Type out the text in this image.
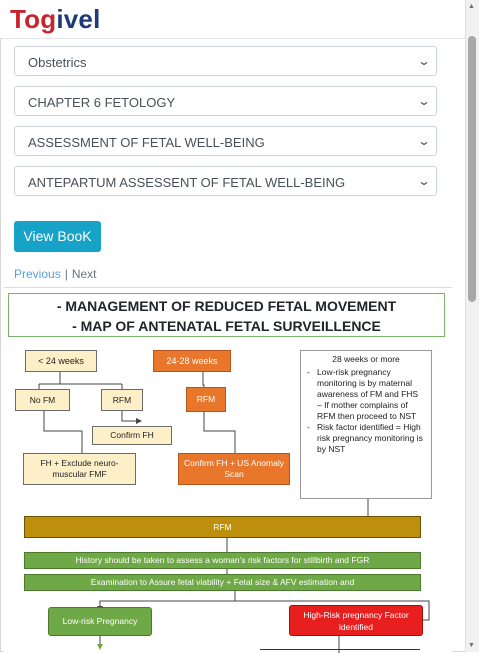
Togivel	▲
▼
Obstetrics	⌄
CHAPTER 6 FETOLOGY	⌄
ASSESSMENT OF FETAL WELL-BEING	⌄
ANTEPARTUM ASSESSENT OF FETAL WELL-BEING	⌄
View BooK
Previous | Next
- MANAGEMENT OF REDUCED FETAL MOVEMENT
- MAP OF ANTENATAL FETAL SURVEILLENCE
< 24 weeks
No FM	RFM
Confirm FH
FH + Exclude neuro-muscular FMF
24-28 weeks
RFM
Confirm FH + US Anomaly Scan
28 weeks or more
- Low-risk pregnancy monitoring is by maternal awareness of FM and FHS – If mother complains of RFM then proceed to NST
- Risk factor identified = High risk pregnancy monitoring is by NST
RFM
History should be taken to assess a woman’s risk factors for stillbirth and FGR
Examination to Assure fetal viability + Fetal size & AFV estimation and
Low-risk Pregnancy
High-Risk pregnancy Factor identified
